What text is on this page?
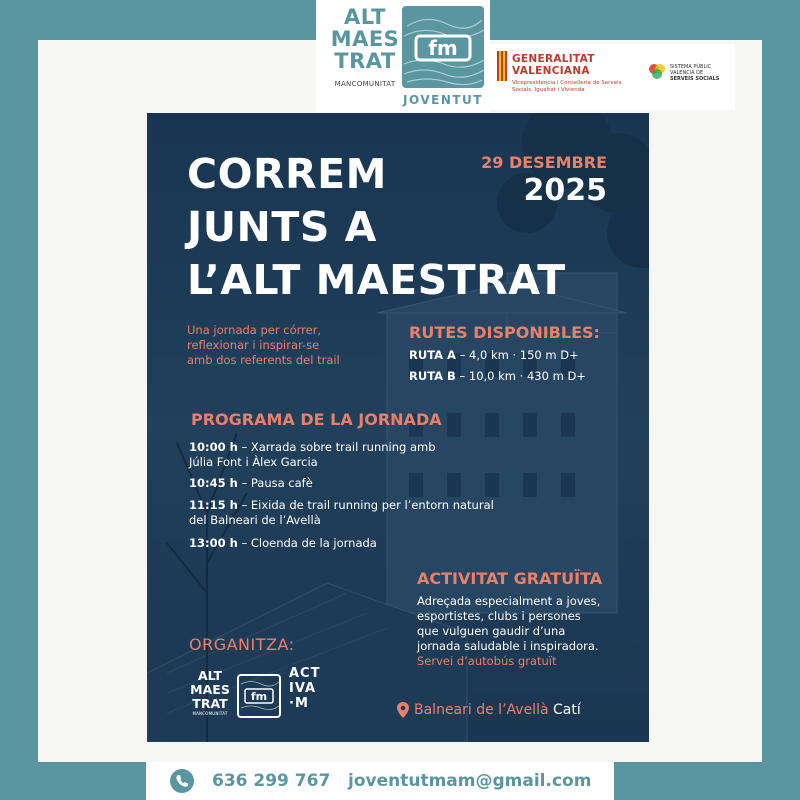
ALT
MAES
TRAT
MANCOMUNITAT
fm
JOVENTUT
GENERALITAT
VALENCIANA
Vicepresidència i Conselleria de Serveis Socials, Igualtat i Vivienda
SISTEMA PÚBLIC
VALENCIÀ DE
SERVEIS SOCIALS
CORREM
JUNTS A
L’ALT MAESTRAT
29 DESEMBRE
2025
Una jornada per córrer,
reflexionar i inspirar-se
amb dos referents del trail
RUTES DISPONIBLES:
RUTA A – 4,0 km · 150 m D+
RUTA B – 10,0 km · 430 m D+
PROGRAMA DE LA JORNADA
10:00 h – Xarrada sobre trail running amb
Júlia Font i Àlex Garcia
10:45 h – Pausa cafè
11:15 h – Eixida de trail running per l’entorn natural
del Balneari de l’Avellà
13:00 h – Cloenda de la jornada
ACTIVITAT GRATUÏTA
Adreçada especialment a joves,
esportistes, clubs i persones
que vulguen gaudir d’una
jornada saludable i inspiradora.
Servei d’autobús gratuït
ORGANITZA:
ALT
MAES
TRAT
MANCOMUNITAT
fm
ACT
IVA
·M	Balneari de l’Avellà Catí
636 299 767 joventutmam@gmail.com
